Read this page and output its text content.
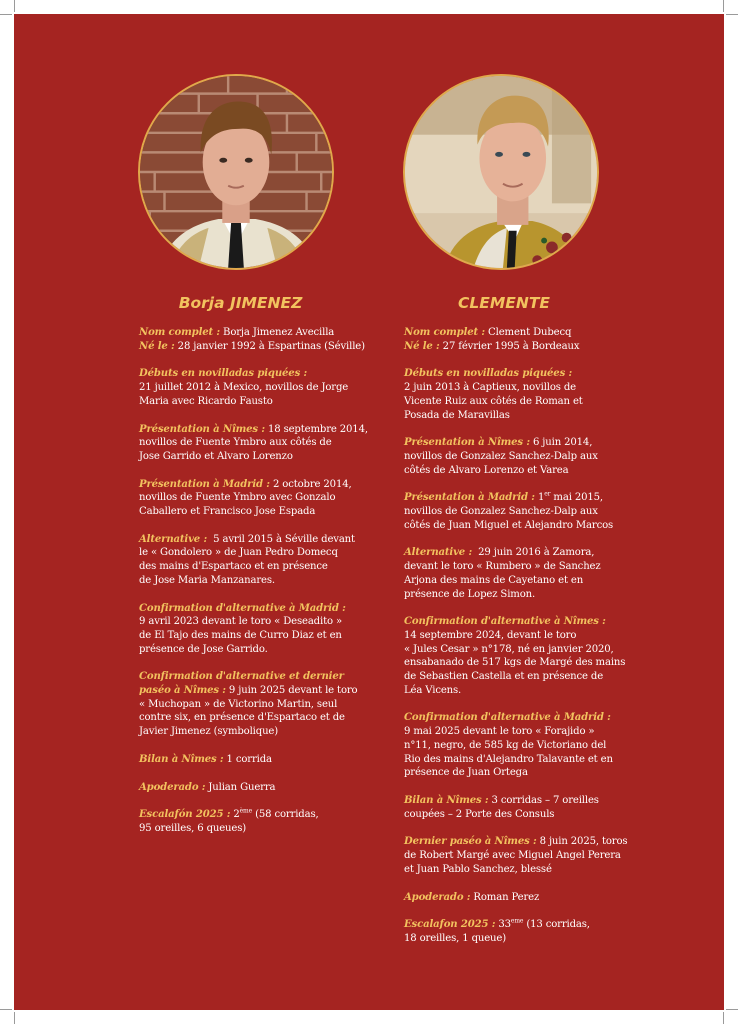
Borja JIMENEZ
Nom complet : Borja Jimenez Avecilla
Né le : 28 janvier 1992 à Espartinas (Séville)
Débuts en novilladas piquées :
21 juillet 2012 à Mexico, novillos de Jorge
Maria avec Ricardo Fausto
Présentation à Nîmes : 18 septembre 2014,
novillos de Fuente Ymbro aux côtés de
Jose Garrido et Alvaro Lorenzo
Présentation à Madrid : 2 octobre 2014,
novillos de Fuente Ymbro avec Gonzalo
Caballero et Francisco Jose Espada
Alternative : 5 avril 2015 à Séville devant
le « Gondolero » de Juan Pedro Domecq
des mains d'Espartaco et en présence
de Jose Maria Manzanares.
Confirmation d'alternative à Madrid :
9 avril 2023 devant le toro « Deseadito »
de El Tajo des mains de Curro Diaz et en
présence de Jose Garrido.
Confirmation d'alternative et dernier
paséo à Nîmes : 9 juin 2025 devant le toro
« Muchopan » de Victorino Martin, seul
contre six, en présence d'Espartaco et de
Javier Jimenez (symbolique)
Bilan à Nîmes : 1 corrida
Apoderado : Julian Guerra
Escalafón 2025 : 2ème (58 corridas,
95 oreilles, 6 queues)
CLEMENTE
Nom complet : Clement Dubecq
Né le : 27 février 1995 à Bordeaux
Débuts en novilladas piquées :
2 juin 2013 à Captieux, novillos de
Vicente Ruiz aux côtés de Roman et
Posada de Maravillas
Présentation à Nîmes : 6 juin 2014,
novillos de Gonzalez Sanchez-Dalp aux
côtés de Alvaro Lorenzo et Varea
Présentation à Madrid : 1er mai 2015,
novillos de Gonzalez Sanchez-Dalp aux
côtés de Juan Miguel et Alejandro Marcos
Alternative : 29 juin 2016 à Zamora,
devant le toro « Rumbero » de Sanchez
Arjona des mains de Cayetano et en
présence de Lopez Simon.
Confirmation d'alternative à Nîmes :
14 septembre 2024, devant le toro
« Jules Cesar » n°178, né en janvier 2020,
ensabanado de 517 kgs de Margé des mains
de Sebastien Castella et en présence de
Léa Vicens.
Confirmation d'alternative à Madrid :
9 mai 2025 devant le toro « Forajido »
n°11, negro, de 585 kg de Victoriano del
Rio des mains d'Alejandro Talavante et en
présence de Juan Ortega
Bilan à Nîmes : 3 corridas – 7 oreilles
coupées – 2 Porte des Consuls
Dernier paséo à Nîmes : 8 juin 2025, toros
de Robert Margé avec Miguel Angel Perera
et Juan Pablo Sanchez, blessé
Apoderado : Roman Perez
Escalafon 2025 : 33eme (13 corridas,
18 oreilles, 1 queue)
